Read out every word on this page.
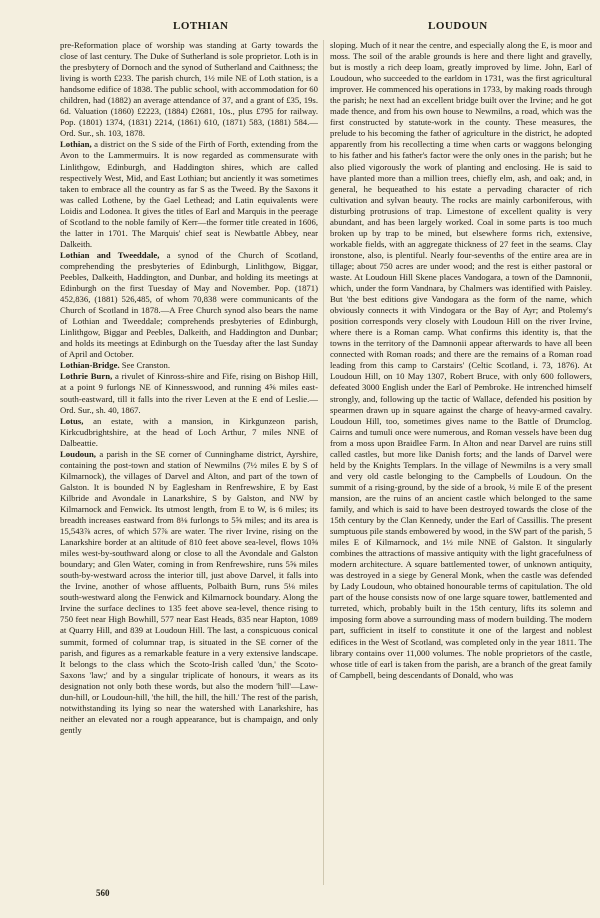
LOTHIAN	LOUDOUN

pre-Reformation place of worship was standing at Garty towards the close of last century. The Duke of Sutherland is sole proprietor. Loth is in the presbytery of Dornoch and the synod of Sutherland and Caithness; the living is worth £233. The parish church, 1½ mile NE of Loth station, is a handsome edifice of 1838. The public school, with accommodation for 60 children, had (1882) an average attendance of 37, and a grant of £35, 19s. 6d. Valuation (1860) £2223, (1884) £2681, 10s., plus £795 for railway. Pop. (1801) 1374, (1831) 2214, (1861) 610, (1871) 583, (1881) 584.—Ord. Sur., sh. 103, 1878.

Lothian, a district on the S side of the Firth of Forth, extending from the Avon to the Lammermuirs. It is now regarded as commensurate with Linlithgow, Edinburgh, and Haddington shires, which are called respectively West, Mid, and East Lothian; but anciently it was sometimes taken to embrace all the country as far S as the Tweed. By the Saxons it was called Lothene, by the Gael Lethead; and Latin equivalents were Loidis and Lodonea. It gives the titles of Earl and Marquis in the peerage of Scotland to the noble family of Kerr—the former title created in 1606, the latter in 1701. The Marquis' chief seat is Newbattle Abbey, near Dalkeith.

Lothian and Tweeddale, a synod of the Church of Scotland, comprehending the presbyteries of Edinburgh, Linlithgow, Biggar, Peebles, Dalkeith, Haddington, and Dunbar, and holding its meetings at Edinburgh on the first Tuesday of May and November. Pop. (1871) 452,836, (1881) 526,485, of whom 70,838 were communicants of the Church of Scotland in 1878.—A Free Church synod also bears the name of Lothian and Tweeddale; comprehends presbyteries of Edinburgh, Linlithgow, Biggar and Peebles, Dalkeith, and Haddington and Dunbar; and holds its meetings at Edinburgh on the Tuesday after the last Sunday of April and October.

Lothian-Bridge. See Cranston.

Lothrie Burn, a rivulet of Kinross-shire and Fife, rising on Bishop Hill, at a point 9 furlongs NE of Kinnesswood, and running 4⅝ miles east-south-eastward, till it falls into the river Leven at the E end of Leslie.—Ord. Sur., sh. 40, 1867.

Lotus, an estate, with a mansion, in Kirkgunzeon parish, Kirkcudbrightshire, at the head of Loch Arthur, 7 miles NNE of Dalbeattie.

Loudoun, a parish in the SE corner of Cunninghame district, Ayrshire, containing the post-town and station of Newmilns (7½ miles E by S of Kilmarnock), the villages of Darvel and Alton, and part of the town of Galston. It is bounded N by Eaglesham in Renfrewshire, E by East Kilbride and Avondale in Lanarkshire, S by Galston, and NW by Kilmarnock and Fenwick. Its utmost length, from E to W, is 6 miles; its breadth increases eastward from 8⅛ furlongs to 5⅝ miles; and its area is 15,543⅞ acres, of which 57⅞ are water. The river Irvine, rising on the Lanarkshire border at an altitude of 810 feet above sea-level, flows 10⅝ miles west-by-southward along or close to all the Avondale and Galston boundary; and Glen Water, coming in from Renfrewshire, runs 5⅝ miles south-by-westward across the interior till, just above Darvel, it falls into the Irvine, another of whose affluents, Polbaith Burn, runs 5⅛ miles south-westward along the Fenwick and Kilmarnock boundary. Along the Irvine the surface declines to 135 feet above sea-level, thence rising to 750 feet near High Bowhill, 577 near East Heads, 835 near Hapton, 1089 at Quarry Hill, and 839 at Loudoun Hill. The last, a conspicuous conical summit, formed of columnar trap, is situated in the SE corner of the parish, and figures as a remarkable feature in a very extensive landscape. It belongs to the class which the Scoto-Irish called 'dun,' the Scoto-Saxons 'law;' and by a singular triplicate of honours, it wears as its designation not only both these words, but also the modern 'hill'—Law-dun-hill, or Loudoun-hill, 'the hill, the hill, the hill.' The rest of the parish, notwithstanding its lying so near the watershed with Lanarkshire, has neither an elevated nor a rough appearance, but is champaign, and only gently

sloping. Much of it near the centre, and especially along the E, is moor and moss. The soil of the arable grounds is here and there light and gravelly, but is mostly a rich deep loam, greatly improved by lime. John, Earl of Loudoun, who succeeded to the earldom in 1731, was the first agricultural improver. He commenced his operations in 1733, by making roads through the parish; he next had an excellent bridge built over the Irvine; and he got made thence, and from his own house to Newmilns, a road, which was the first constructed by statute-work in the county. These measures, the prelude to his becoming the father of agriculture in the district, he adopted apparently from his recollecting a time when carts or waggons belonging to his father and his father's factor were the only ones in the parish; but he also plied vigorously the work of planting and enclosing. He is said to have planted more than a million trees, chiefly elm, ash, and oak; and, in general, he bequeathed to his estate a pervading character of rich cultivation and sylvan beauty. The rocks are mainly carboniferous, with disturbing protrusions of trap. Limestone of excellent quality is very abundant, and has been largely worked. Coal in some parts is too much broken up by trap to be mined, but elsewhere forms rich, extensive, workable fields, with an aggregate thickness of 27 feet in the seams. Clay ironstone, also, is plentiful. Nearly four-sevenths of the entire area are in tillage; about 750 acres are under wood; and the rest is either pastoral or waste. At Loudoun Hill Skene places Vandogara, a town of the Damnonii, which, under the form Vandnara, by Chalmers was identified with Paisley. But 'the best editions give Vandogara as the form of the name, which obviously connects it with Vindogara or the Bay of Ayr; and Ptolemy's position corresponds very closely with Loudoun Hill on the river Irvine, where there is a Roman camp. What confirms this identity is, that the towns in the territory of the Damnonii appear afterwards to have all been connected with Roman roads; and there are the remains of a Roman road leading from this camp to Carstairs' (Celtic Scotland, i. 73, 1876). At Loudoun Hill, on 10 May 1307, Robert Bruce, with only 600 followers, defeated 3000 English under the Earl of Pembroke. He intrenched himself strongly, and, following up the tactic of Wallace, defended his position by spearmen drawn up in square against the charge of heavy-armed cavalry. Loudoun Hill, too, sometimes gives name to the Battle of Drumclog. Cairns and tumuli once were numerous, and Roman vessels have been dug from a moss upon Braidlee Farm. In Alton and near Darvel are ruins still called castles, but more like Danish forts; and the lands of Darvel were held by the Knights Templars. In the village of Newmilns is a very small and very old castle belonging to the Campbells of Loudoun. On the summit of a rising-ground, by the side of a brook, ½ mile E of the present mansion, are the ruins of an ancient castle which belonged to the same family, and which is said to have been destroyed towards the close of the 15th century by the Clan Kennedy, under the Earl of Cassillis. The present sumptuous pile stands embowered by wood, in the SW part of the parish, 5 miles E of Kilmarnock, and 1½ mile NNE of Galston. It singularly combines the attractions of massive antiquity with the light gracefulness of modern architecture. A square battlemented tower, of unknown antiquity, was destroyed in a siege by General Monk, when the castle was defended by Lady Loudoun, who obtained honourable terms of capitulation. The old part of the house consists now of one large square tower, battlemented and turreted, which, probably built in the 15th century, lifts its solemn and imposing form above a surrounding mass of modern building. The modern part, sufficient in itself to constitute it one of the largest and noblest edifices in the West of Scotland, was completed only in the year 1811. The library contains over 11,000 volumes. The noble proprietors of the castle, whose title of earl is taken from the parish, are a branch of the great family of Campbell, being descendants of Donald, who was

560
